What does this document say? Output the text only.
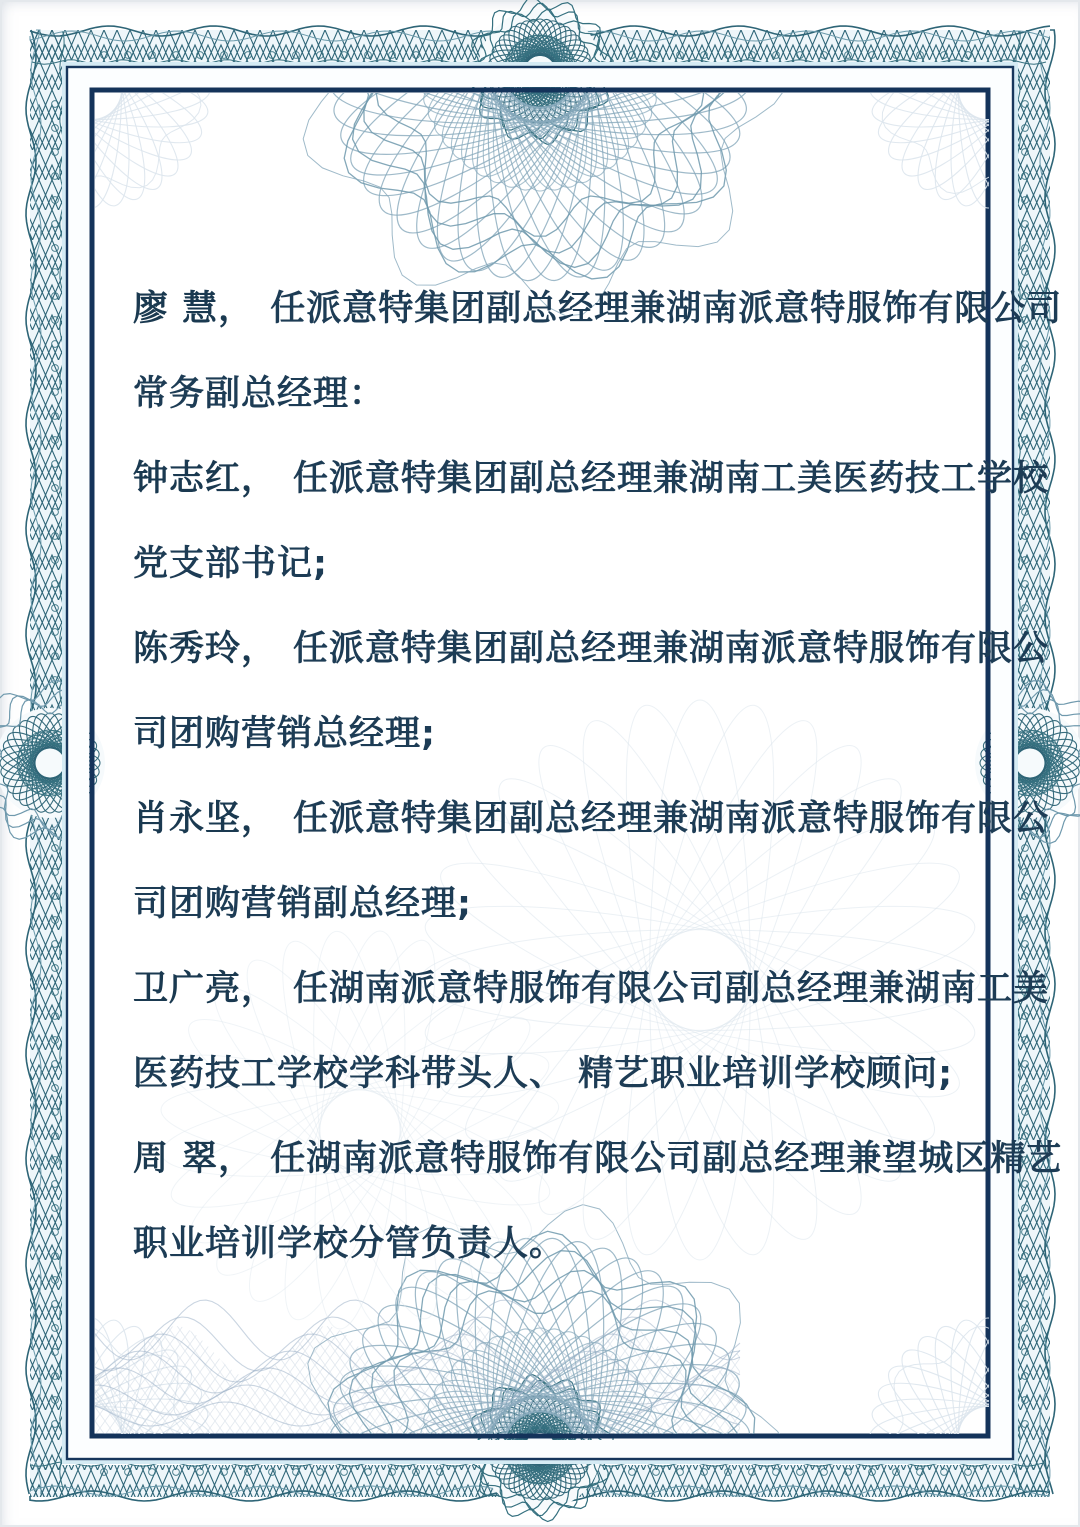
廖 慧， 任派意特集团副总经理兼湖南派意特服饰有限公司
常务副总经理：
钟志红， 任派意特集团副总经理兼湖南工美医药技工学校
党支部书记;
陈秀玲， 任派意特集团副总经理兼湖南派意特服饰有限公
司团购营销总经理;
肖永坚， 任派意特集团副总经理兼湖南派意特服饰有限公
司团购营销副总经理;
卫广亮， 任湖南派意特服饰有限公司副总经理兼湖南工美
医药技工学校学科带头人、 精艺职业培训学校顾问;
周 翠， 任湖南派意特服饰有限公司副总经理兼望城区精艺
职业培训学校分管负责人。
